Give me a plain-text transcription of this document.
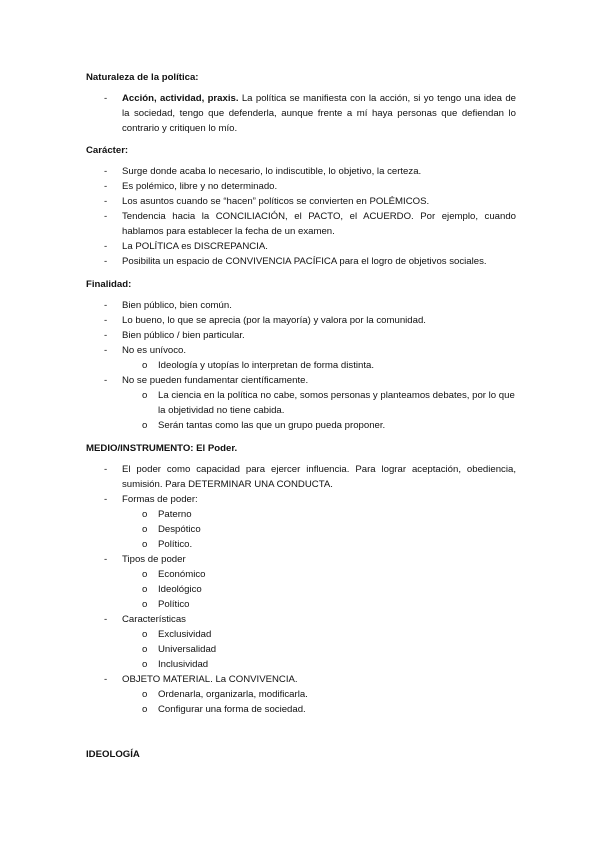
Naturaleza de la política:

- Acción, actividad, praxis. La política se manifiesta con la acción, si yo tengo una idea de la sociedad, tengo que defenderla, aunque frente a mí haya personas que defiendan lo contrario y critiquen lo mío.

Carácter:

- Surge donde acaba lo necesario, lo indiscutible, lo objetivo, la certeza.
- Es polémico, libre y no determinado.
- Los asuntos cuando se “hacen” políticos se convierten en POLÉMICOS.
- Tendencia hacia la CONCILIACIÓN, el PACTO, el ACUERDO. Por ejemplo, cuando hablamos para establecer la fecha de un examen.
- La POLÍTICA es DISCREPANCIA.
- Posibilita un espacio de CONVIVENCIA PACÍFICA para el logro de objetivos sociales.

Finalidad:

- Bien público, bien común.
- Lo bueno, lo que se aprecia (por la mayoría) y valora por la comunidad.
- Bien público / bien particular.
- No es unívoco.
o Ideología y utopías lo interpretan de forma distinta.
- No se pueden fundamentar científicamente.
o La ciencia en la política no cabe, somos personas y planteamos debates, por lo que la objetividad no tiene cabida.
o Serán tantas como las que un grupo pueda proponer.

MEDIO/INSTRUMENTO: El Poder.

- El poder como capacidad para ejercer influencia. Para lograr aceptación, obediencia, sumisión. Para DETERMINAR UNA CONDUCTA.
- Formas de poder:
o Paterno
o Despótico
o Político.
- Tipos de poder
o Económico
o Ideológico
o Político
- Características
o Exclusividad
o Universalidad
o Inclusividad
- OBJETO MATERIAL. La CONVIVENCIA.
o Ordenarla, organizarla, modificarla.
o Configurar una forma de sociedad.

IDEOLOGÍA
